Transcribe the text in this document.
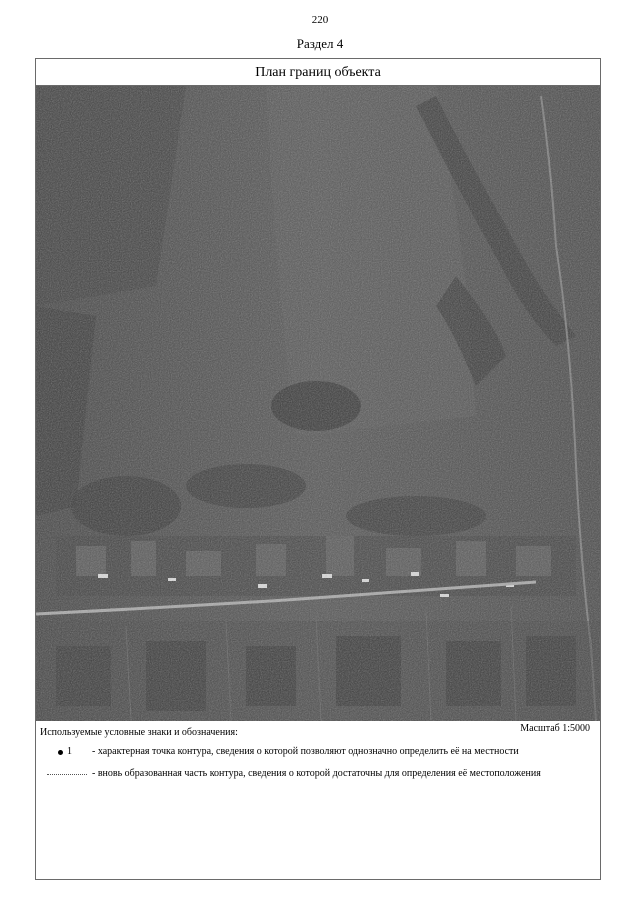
220
Раздел 4
План границ объекта
Используемые условные знаки и обозначения:	Масштаб 1:5000
1 - характерная точка контура, сведения о которой позволяют однозначно определить её на местности
- вновь образованная часть контура, сведения о которой достаточны для определения её местоположения
